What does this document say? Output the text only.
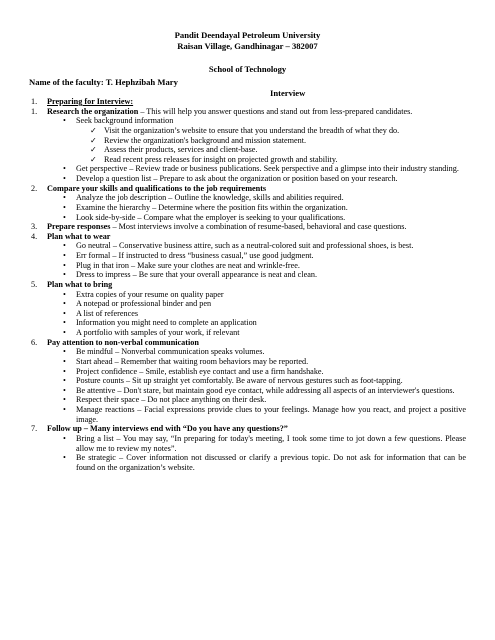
Pandit Deendayal Petroleum University
Raisan Village, Gandhinagar – 382007
School of Technology
Name of the faculty: T. Hephzibah Mary
Interview
1. Preparing for Interview:
1. Research the organization – This will help you answer questions and stand out from less-prepared candidates.
• Seek background information
✓ Visit the organization’s website to ensure that you understand the breadth of what they do.
✓ Review the organization's background and mission statement.
✓ Assess their products, services and client-base.
✓ Read recent press releases for insight on projected growth and stability.
• Get perspective – Review trade or business publications. Seek perspective and a glimpse into their industry standing.
• Develop a question list – Prepare to ask about the organization or position based on your research.
2. Compare your skills and qualifications to the job requirements
• Analyze the job description – Outline the knowledge, skills and abilities required.
• Examine the hierarchy – Determine where the position fits within the organization.
• Look side-by-side – Compare what the employer is seeking to your qualifications.
3. Prepare responses – Most interviews involve a combination of resume-based, behavioral and case questions.
4. Plan what to wear
• Go neutral – Conservative business attire, such as a neutral-colored suit and professional shoes, is best.
• Err formal – If instructed to dress “business casual,” use good judgment.
• Plug in that iron – Make sure your clothes are neat and wrinkle-free.
• Dress to impress – Be sure that your overall appearance is neat and clean.
5. Plan what to bring
• Extra copies of your resume on quality paper
• A notepad or professional binder and pen
• A list of references
• Information you might need to complete an application
• A portfolio with samples of your work, if relevant
6. Pay attention to non-verbal communication
• Be mindful – Nonverbal communication speaks volumes.
• Start ahead – Remember that waiting room behaviors may be reported.
• Project confidence – Smile, establish eye contact and use a firm handshake.
• Posture counts – Sit up straight yet comfortably. Be aware of nervous gestures such as foot-tapping.
• Be attentive – Don't stare, but maintain good eye contact, while addressing all aspects of an interviewer's questions.
• Respect their space – Do not place anything on their desk.
• Manage reactions – Facial expressions provide clues to your feelings. Manage how you react, and project a positive image.
7. Follow up – Many interviews end with “Do you have any questions?”
• Bring a list – You may say, “In preparing for today's meeting, I took some time to jot down a few questions. Please allow me to review my notes”.
• Be strategic – Cover information not discussed or clarify a previous topic. Do not ask for information that can be found on the organization’s website.
